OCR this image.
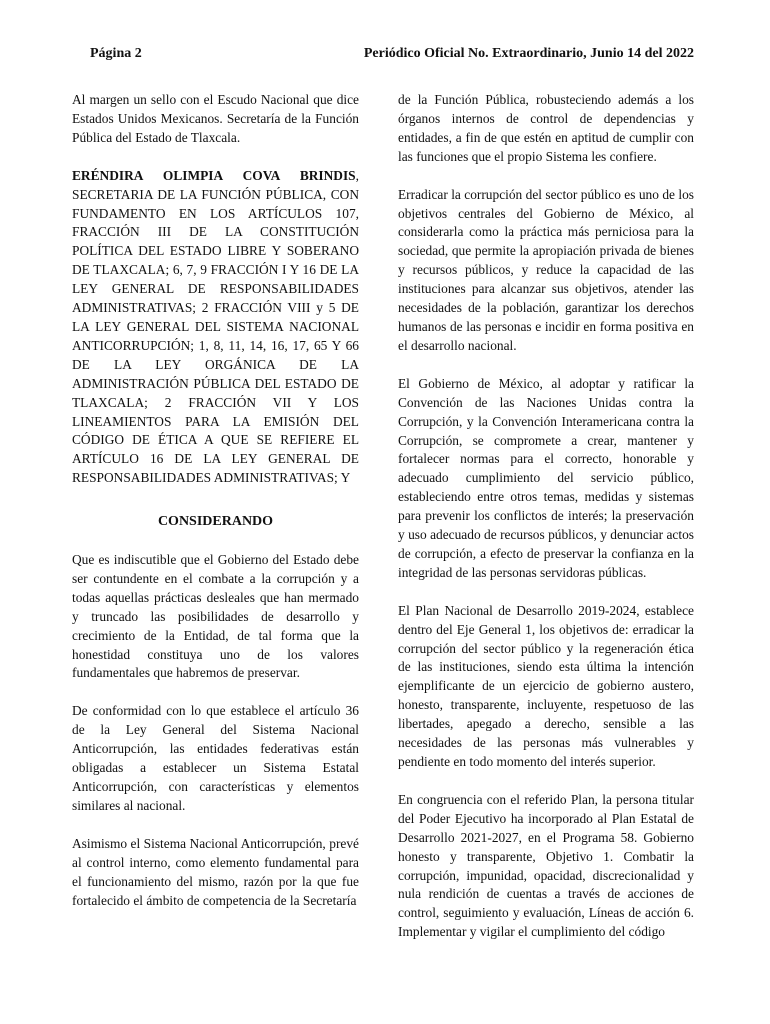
Página 2	Periódico Oficial No. Extraordinario, Junio 14 del 2022

Al margen un sello con el Escudo Nacional que dice Estados Unidos Mexicanos. Secretaría de la Función Pública del Estado de Tlaxcala.

ERÉNDIRA OLIMPIA COVA BRINDIS, SECRETARIA DE LA FUNCIÓN PÚBLICA, CON FUNDAMENTO EN LOS ARTÍCULOS 107, FRACCIÓN III DE LA CONSTITUCIÓN POLÍTICA DEL ESTADO LIBRE Y SOBERANO DE TLAXCALA; 6, 7, 9 FRACCIÓN I Y 16 DE LA LEY GENERAL DE RESPONSABILIDADES ADMINISTRATIVAS; 2 FRACCIÓN VIII y 5 DE LA LEY GENERAL DEL SISTEMA NACIONAL ANTICORRUPCIÓN; 1, 8, 11, 14, 16, 17, 65 Y 66 DE LA LEY ORGÁNICA DE LA ADMINISTRACIÓN PÚBLICA DEL ESTADO DE TLAXCALA; 2 FRACCIÓN VII Y LOS LINEAMIENTOS PARA LA EMISIÓN DEL CÓDIGO DE ÉTICA A QUE SE REFIERE EL ARTÍCULO 16 DE LA LEY GENERAL DE RESPONSABILIDADES ADMINISTRATIVAS; Y

CONSIDERANDO

Que es indiscutible que el Gobierno del Estado debe ser contundente en el combate a la corrupción y a todas aquellas prácticas desleales que han mermado y truncado las posibilidades de desarrollo y crecimiento de la Entidad, de tal forma que la honestidad constituya uno de los valores fundamentales que habremos de preservar.

De conformidad con lo que establece el artículo 36 de la Ley General del Sistema Nacional Anticorrupción, las entidades federativas están obligadas a establecer un Sistema Estatal Anticorrupción, con características y elementos similares al nacional.

Asimismo el Sistema Nacional Anticorrupción, prevé al control interno, como elemento fundamental para el funcionamiento del mismo, razón por la que fue fortalecido el ámbito de competencia de la Secretaría

de la Función Pública, robusteciendo además a los órganos internos de control de dependencias y entidades, a fin de que estén en aptitud de cumplir con las funciones que el propio Sistema les confiere.

Erradicar la corrupción del sector público es uno de los objetivos centrales del Gobierno de México, al considerarla como la práctica más perniciosa para la sociedad, que permite la apropiación privada de bienes y recursos públicos, y reduce la capacidad de las instituciones para alcanzar sus objetivos, atender las necesidades de la población, garantizar los derechos humanos de las personas e incidir en forma positiva en el desarrollo nacional.

El Gobierno de México, al adoptar y ratificar la Convención de las Naciones Unidas contra la Corrupción, y la Convención Interamericana contra la Corrupción, se compromete a crear, mantener y fortalecer normas para el correcto, honorable y adecuado cumplimiento del servicio público, estableciendo entre otros temas, medidas y sistemas para prevenir los conflictos de interés; la preservación y uso adecuado de recursos públicos, y denunciar actos de corrupción, a efecto de preservar la confianza en la integridad de las personas servidoras públicas.

El Plan Nacional de Desarrollo 2019-2024, establece dentro del Eje General 1, los objetivos de: erradicar la corrupción del sector público y la regeneración ética de las instituciones, siendo esta última la intención ejemplificante de un ejercicio de gobierno austero, honesto, transparente, incluyente, respetuoso de las libertades, apegado a derecho, sensible a las necesidades de las personas más vulnerables y pendiente en todo momento del interés superior.

En congruencia con el referido Plan, la persona titular del Poder Ejecutivo ha incorporado al Plan Estatal de Desarrollo 2021-2027, en el Programa 58. Gobierno honesto y transparente, Objetivo 1. Combatir la corrupción, impunidad, opacidad, discrecionalidad y nula rendición de cuentas a través de acciones de control, seguimiento y evaluación, Líneas de acción 6. Implementar y vigilar el cumplimiento del código
